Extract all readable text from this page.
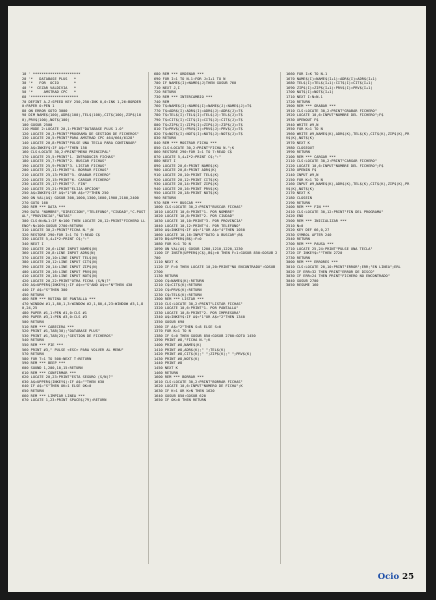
10 ' **********************
20 '*   DATABASE PLUS   *
30 '*   FOR  OCIO       *
40 '*  CEZAR VALDIVIA   *
50 '*     AMSTRAD CPC   *
60 '**********************
70 DEFINT A-Z:SPEED KEY 250,250:INK 0,0:INK 1,26:BORDER 0:PAPER 0:PEN 1
80 ON ERROR GOTO 3000
90 DIM NAME$(100),ADR$(100),TEL$(100),CIT$(100),ZIP$(100),PRV$(100),NOT$(100)
100 GOSUB 2500
110 MODE 2:LOCATE 20,1:PRINT"DATABASE PLUS 1.0"
120 LOCATE 20,3:PRINT"PROGRAMA DE GESTION DE FICHEROS"
130 LOCATE 20,5:PRINT"PARA AMSTRAD CPC 464/664/6128"
140 LOCATE 20,8:PRINT"PULSE UNA TECLA PARA CONTINUAR"
150 A$=INKEY$:IF A$=""THEN 150
160 CLS:LOCATE 30,2:PRINT"MENU PRINCIPAL"
170 LOCATE 25,5:PRINT"1. INTRODUCIR FICHAS"
180 LOCATE 25,7:PRINT"2. BUSCAR FICHAS"
190 LOCATE 25,9:PRINT"3. LISTAR FICHAS"
200 LOCATE 25,11:PRINT"4. BORRAR FICHAS"
210 LOCATE 25,13:PRINT"5. GRABAR FICHERO"
220 LOCATE 25,15:PRINT"6. CARGAR FICHERO"
230 LOCATE 25,17:PRINT"7. FIN"
240 LOCATE 25,21:PRINT"ELIJA OPCION"
250 A$=INKEY$:IF A$<"1"OR A$>"7"THEN 250
260 ON VAL(A$) GOSUB 300,1000,1300,1600,1900,2100,2400
270 GOTO 160
280 REM *** DATA ***
290 DATA "NOMBRE","DIRECCION","TELEFONO","CIUDAD","C.POSTAL","PROVINCIA","NOTAS"
300 CLS:N=N+1:IF N>100 THEN LOCATE 20,12:PRINT"FICHERO LLENO":N=100:GOSUB 2700:RETURN
310 LOCATE 30,2:PRINT"FICHA N.";N
320 RESTORE 290:FOR I=1 TO 7:READ C$
330 LOCATE 5,4+I*2:PRINT C$;":"
340 NEXT I
350 LOCATE 20,6:LINE INPUT NAME$(N)
360 LOCATE 20,8:LINE INPUT ADR$(N)
370 LOCATE 20,10:LINE INPUT TEL$(N)
380 LOCATE 20,12:LINE INPUT CIT$(N)
390 LOCATE 20,14:LINE INPUT ZIP$(N)
400 LOCATE 20,16:LINE INPUT PRV$(N)
410 LOCATE 20,18:LINE INPUT NOT$(N)
420 LOCATE 20,22:PRINT"OTRA FICHA (S/N)?"
430 A$=UPPER$(INKEY$):IF A$<>"S"AND A$<>"N"THEN 430
440 IF A$="S"THEN 300
450 RETURN
460 REM *** RUTINA DE PANTALLA ***
470 WINDOW #1,1,80,1,3:WINDOW #2,1,80,4,23:WINDOW #3,1,80,24,25
480 PAPER #1,1:PEN #1,0:CLS #1
490 PAPER #3,1:PEN #3,0:CLS #3
500 RETURN
510 REM *** CABECERA ***
520 PRINT #1,TAB(30);"DATABASE PLUS"
530 PRINT #1,TAB(25);"GESTION DE FICHEROS"
540 RETURN
550 REM *** PIE ***
560 PRINT #3," PULSE <ESC> PARA VOLVER AL MENU"
570 RETURN
580 FOR T=1 TO 500:NEXT T:RETURN
590 REM *** BEEP ***
600 SOUND 1,200,10,15:RETURN
610 REM *** CONFIRMAR ***
620 LOCATE 20,23:PRINT"ESTA SEGURO (S/N)?"
630 A$=UPPER$(INKEY$):IF A$=""THEN 630
640 IF A$="S"THEN OK=1 ELSE OK=0
650 RETURN
660 REM *** LIMPIAR LINEA ***
670 LOCATE 1,23:PRINT SPACE$(79):RETURN
680 REM *** ORDENAR ***
690 FOR I=1 TO N-1:FOR J=I+1 TO N
700 IF NAME$(I)>NAME$(J)THEN GOSUB 760
710 NEXT J,I
720 RETURN
730 REM *** INTERCAMBIO ***
740 REM
760 T$=NAME$(I):NAME$(I)=NAME$(J):NAME$(J)=T$
770 T$=ADR$(I):ADR$(I)=ADR$(J):ADR$(J)=T$
780 T$=TEL$(I):TEL$(I)=TEL$(J):TEL$(J)=T$
790 T$=CIT$(I):CIT$(I)=CIT$(J):CIT$(J)=T$
800 T$=ZIP$(I):ZIP$(I)=ZIP$(J):ZIP$(J)=T$
810 T$=PRV$(I):PRV$(I)=PRV$(J):PRV$(J)=T$
820 T$=NOT$(I):NOT$(I)=NOT$(J):NOT$(J)=T$
830 RETURN
840 REM *** MOSTRAR FICHA ***
850 CLS:LOCATE 30,2:PRINT"FICHA N.";K
860 RESTORE 290:FOR I=1 TO 7:READ C$
870 LOCATE 5,4+I*2:PRINT C$;":"
880 NEXT I
890 LOCATE 20,6:PRINT NAME$(K)
900 LOCATE 20,8:PRINT ADR$(K)
910 LOCATE 20,10:PRINT TEL$(K)
920 LOCATE 20,12:PRINT CIT$(K)
930 LOCATE 20,14:PRINT ZIP$(K)
940 LOCATE 20,16:PRINT PRV$(K)
950 LOCATE 20,18:PRINT NOT$(K)
960 RETURN
970 REM *** BUSCAR ***
1000 CLS:LOCATE 30,2:PRINT"BUSCAR FICHAS"
1010 LOCATE 10,6:PRINT"1. POR NOMBRE"
1020 LOCATE 10,8:PRINT"2. POR CIUDAD"
1030 LOCATE 10,10:PRINT"3. POR PROVINCIA"
1040 LOCATE 10,12:PRINT"4. POR TELEFONO"
1050 A$=INKEY$:IF A$<"1"OR A$>"4"THEN 1050
1060 LOCATE 10,16:INPUT"DATO A BUSCAR";B$
1070 B$=UPPER$(B$):F=0
1080 FOR K=1 TO N
1090 ON VAL(A$) GOSUB 1200,1210,1220,1230
1100 IF INSTR(UPPER$(C$),B$)>0 THEN F=1:GOSUB 850:GOSUB 2700
1110 NEXT K
1120 IF F=0 THEN LOCATE 10,20:PRINT"NO ENCONTRADO":GOSUB 2700
1130 RETURN
1200 C$=NAME$(K):RETURN
1210 C$=CIT$(K):RETURN
1220 C$=PRV$(K):RETURN
1230 C$=TEL$(K):RETURN
1300 REM *** LISTAR ***
1310 CLS:LOCATE 30,2:PRINT"LISTAR FICHAS"
1320 LOCATE 10,6:PRINT"1. POR PANTALLA"
1330 LOCATE 10,8:PRINT"2. POR IMPRESORA"
1340 A$=INKEY$:IF A$<"1"OR A$>"2"THEN 1340
1350 GOSUB 690
1360 IF A$="2"THEN S=8 ELSE S=0
1370 FOR K=1 TO N
1380 IF S=0 THEN GOSUB 850:GOSUB 2700:GOTO 1450
1390 PRINT #8,"FICHA N.";K
1400 PRINT #8,NAME$(K)
1410 PRINT #8,ADR$(K);" ";TEL$(K)
1420 PRINT #8,CIT$(K);" ";ZIP$(K);" ";PRV$(K)
1430 PRINT #8,NOT$(K)
1440 PRINT #8
1450 NEXT K
1460 RETURN
1600 REM *** BORRAR ***
1610 CLS:LOCATE 30,2:PRINT"BORRAR FICHAS"
1620 LOCATE 10,6:INPUT"NUMERO DE FICHA";K
1630 IF K<1 OR K>N THEN 1620
1640 GOSUB 850:GOSUB 620
1650 IF OK=0 THEN RETURN
1660 FOR I=K TO N-1
1670 NAME$(I)=NAME$(I+1):ADR$(I)=ADR$(I+1)
1680 TEL$(I)=TEL$(I+1):CIT$(I)=CIT$(I+1)
1690 ZIP$(I)=ZIP$(I+1):PRV$(I)=PRV$(I+1)
1700 NOT$(I)=NOT$(I+1)
1710 NEXT I:N=N-1
1720 RETURN
1900 REM *** GRABAR ***
1910 CLS:LOCATE 30,2:PRINT"GRABAR FICHERO"
1920 LOCATE 10,6:INPUT"NOMBRE DEL FICHERO";F$
1930 OPENOUT F$
1940 WRITE #9,N
1950 FOR K=1 TO N
1960 WRITE #9,NAME$(K),ADR$(K),TEL$(K),CIT$(K),ZIP$(K),PRV$(K),NOT$(K)
1970 NEXT K
1980 CLOSEOUT
1990 RETURN
2100 REM *** CARGAR ***
2110 CLS:LOCATE 30,2:PRINT"CARGAR FICHERO"
2120 LOCATE 10,6:INPUT"NOMBRE DEL FICHERO";F$
2130 OPENIN F$
2140 INPUT #9,N
2150 FOR K=1 TO N
2160 INPUT #9,NAME$(K),ADR$(K),TEL$(K),CIT$(K),ZIP$(K),PRV$(K),NOT$(K)
2170 NEXT K
2180 CLOSEIN
2190 RETURN
2400 REM *** FIN ***
2410 CLS:LOCATE 30,12:PRINT"FIN DEL PROGRAMA"
2420 END
2500 REM *** INICIALIZAR ***
2510 N=0
2520 KEY DEF 66,0,27
2530 SYMBOL AFTER 240
2540 RETURN
2700 REM *** PAUSA ***
2710 LOCATE 25,24:PRINT"PULSE UNA TECLA"
2720 IF INKEY$=""THEN 2720
2730 RETURN
3000 REM *** ERRORES ***
3010 CLS:LOCATE 20,10:PRINT"ERROR";ERR;"EN LINEA";ERL
3020 IF ERR=32 THEN PRINT"ERROR DE DISCO"
3030 IF ERR=24 THEN PRINT"FICHERO NO ENCONTRADO"
3040 GOSUB 2700
3050 RESUME 160
Ocio 25
